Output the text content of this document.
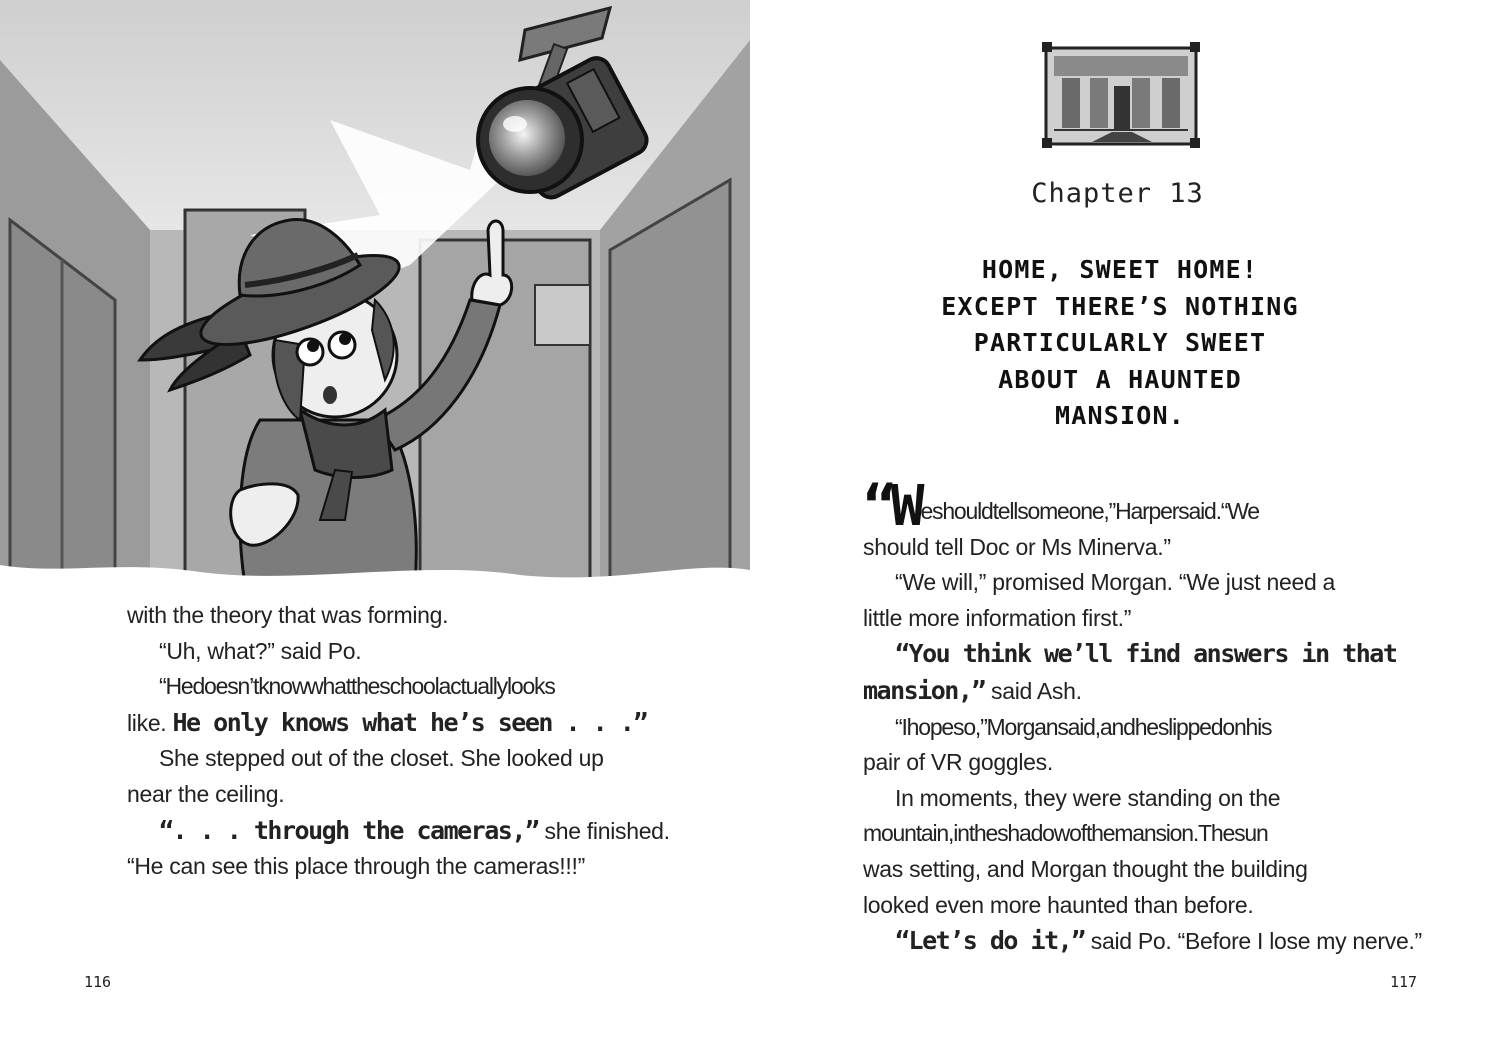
with the theory that was forming.

“Uh, what?” said Po.

“Hedoesn’tknowwhattheschoolactuallylooks

like. He only knows what he’s seen . . .”

She stepped out of the closet. She looked up

near the ceiling.

“. . . through the cameras,” she finished.

“He can see this place through the cameras!!!”

116
Chapter 13
HOME, SWEET HOME!
EXCEPT THERE’S NOTHING
PARTICULARLY SWEET
ABOUT A HAUNTED
MANSION.

“Weshouldtellsomeone,”Harpersaid.“We

should tell Doc or Ms Minerva.”

“We will,” promised Morgan. “We just need a

little more information first.”

“You think we’ll find answers in that

mansion,” said Ash.

“Ihopeso,”Morgansaid,andheslippedonhis

pair of VR goggles.

In moments, they were standing on the

mountain,intheshadowofthemansion.Thesun

was setting, and Morgan thought the building

looked even more haunted than before.

“Let’s do it,” said Po. “Before I lose my nerve.”

117
